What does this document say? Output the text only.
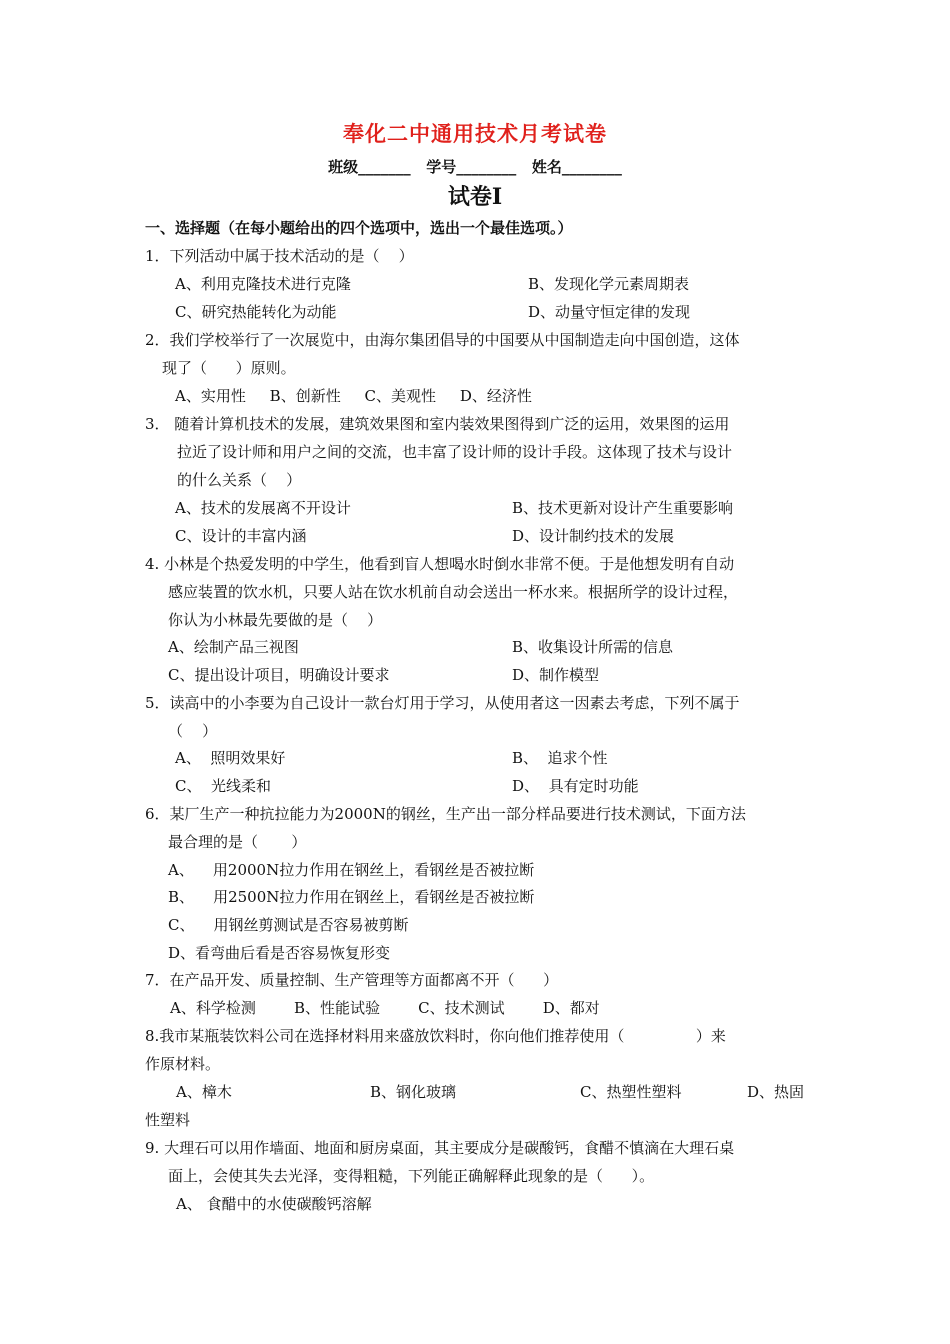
奉化二中通用技术月考试卷
班级_______   学号________   姓名________
试卷Ⅰ
一、选择题（在每小题给出的四个选项中，选出一个最佳选项。）
1．下列活动中属于技术活动的是（    ）
A、利用克隆技术进行克隆	B、发现化学元素周期表
C、研究热能转化为动能	D、动量守恒定律的发现
2．我们学校举行了一次展览中，由海尔集团倡导的中国要从中国制造走向中国创造，这体
现了（      ）原则。
A、实用性     B、创新性     C、美观性     D、经济性
3． 随着计算机技术的发展，建筑效果图和室内装效果图得到广泛的运用，效果图的运用
拉近了设计师和用户之间的交流，也丰富了设计师的设计手段。这体现了技术与设计
的什么关系（    ）
A、技术的发展离不开设计	B、技术更新对设计产生重要影响
C、设计的丰富内涵	D、设计制约技术的发展
4. 小林是个热爱发明的中学生，他看到盲人想喝水时倒水非常不便。于是他想发明有自动
感应装置的饮水机，只要人站在饮水机前自动会送出一杯水来。根据所学的设计过程，
你认为小林最先要做的是（    ）
A、绘制产品三视图	B、收集设计所需的信息
C、提出设计项目，明确设计要求	D、制作模型
5．读高中的小李要为自己设计一款台灯用于学习，从使用者这一因素去考虑，下列不属于
（    ）
A、  照明效果好	B、  追求个性
C、  光线柔和	D、  具有定时功能
6．某厂生产一种抗拉能力为2000N的钢丝，生产出一部分样品要进行技术测试，下面方法
最合理的是（       ）
A、    用2000N拉力作用在钢丝上，看钢丝是否被拉断
B、    用2500N拉力作用在钢丝上，看钢丝是否被拉断
C、    用钢丝剪测试是否容易被剪断
D、看弯曲后看是否容易恢复形变
7．在产品开发、质量控制、生产管理等方面都离不开（      ）
A、科学检测        B、性能试验        C、技术测试        D、都对
8.我市某瓶装饮料公司在选择材料用来盛放饮料时，你向他们推荐使用（               ）来
作原材料。
A、樟木	B、钢化玻璃	C、热塑性塑料	D、热固
性塑料
9. 大理石可以用作墙面、地面和厨房桌面，其主要成分是碳酸钙，食醋不慎滴在大理石桌
面上，会使其失去光泽，变得粗糙，下列能正确解释此现象的是（      ）。
A、 食醋中的水使碳酸钙溶解
